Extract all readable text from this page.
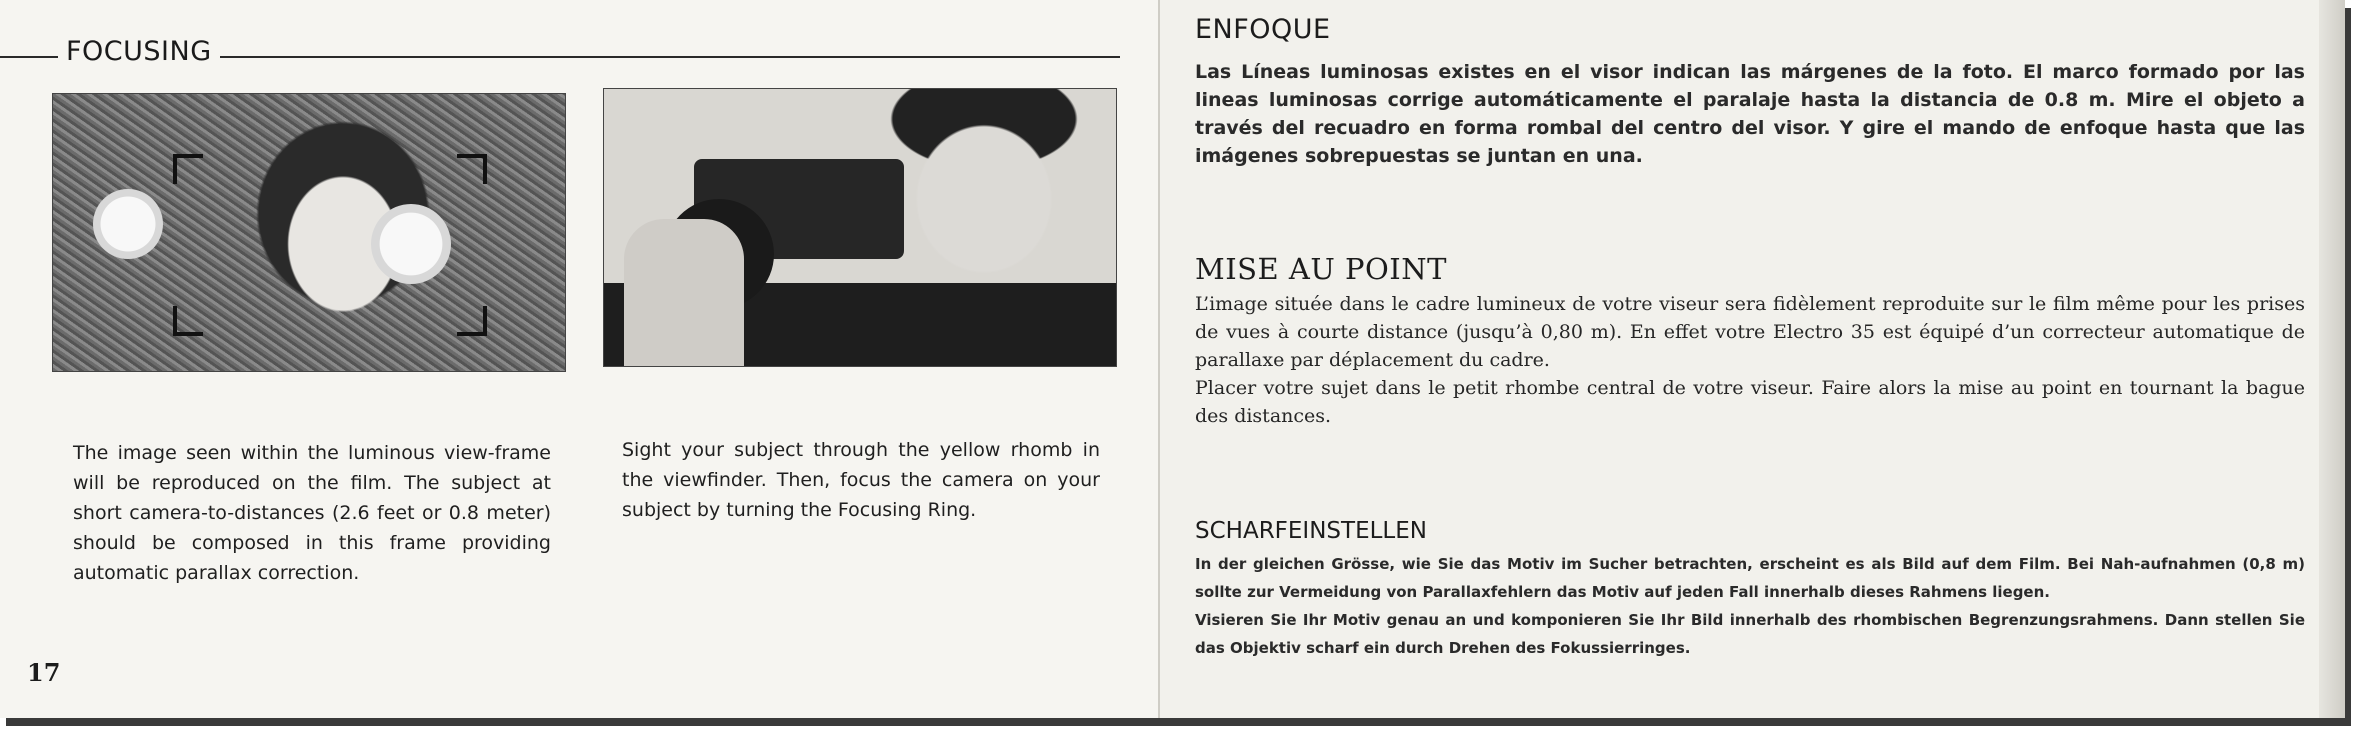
FOCUSING

The image seen within the luminous view-frame will be reproduced on the film. The subject at short camera-to-distances (2.6 feet or 0.8 meter) should be composed in this frame providing automatic parallax correction.

Sight your subject through the yellow rhomb in the viewfinder. Then, focus the camera on your subject by turning the Focusing Ring.

17
ENFOQUE

Las Líneas luminosas existes en el visor indican las márgenes de la foto. El marco formado por las lineas luminosas corrige automáticamente el paralaje hasta la distancia de 0.8 m. Mire el objeto a través del recuadro en forma rombal del centro del visor. Y gire el mando de enfoque hasta que las imágenes sobrepuestas se juntan en una.

MISE AU POINT

L’image située dans le cadre lumineux de votre viseur sera fidèlement reproduite sur le film même pour les prises de vues à courte distance (jusqu’à 0,80 m). En effet votre Electro 35 est équipé d’un correcteur automatique de parallaxe par déplacement du cadre.

Placer votre sujet dans le petit rhombe central de votre viseur. Faire alors la mise au point en tournant la bague des distances.

SCHARFEINSTELLEN

In der gleichen Grösse, wie Sie das Motiv im Sucher betrachten, erscheint es als Bild auf dem Film. Bei Nah-aufnahmen (0,8 m) sollte zur Vermeidung von Parallaxfehlern das Motiv auf jeden Fall innerhalb dieses Rahmens liegen.

Visieren Sie Ihr Motiv genau an und komponieren Sie Ihr Bild innerhalb des rhombischen Begrenzungsrahmens. Dann stellen Sie das Objektiv scharf ein durch Drehen des Fokussierringes.
